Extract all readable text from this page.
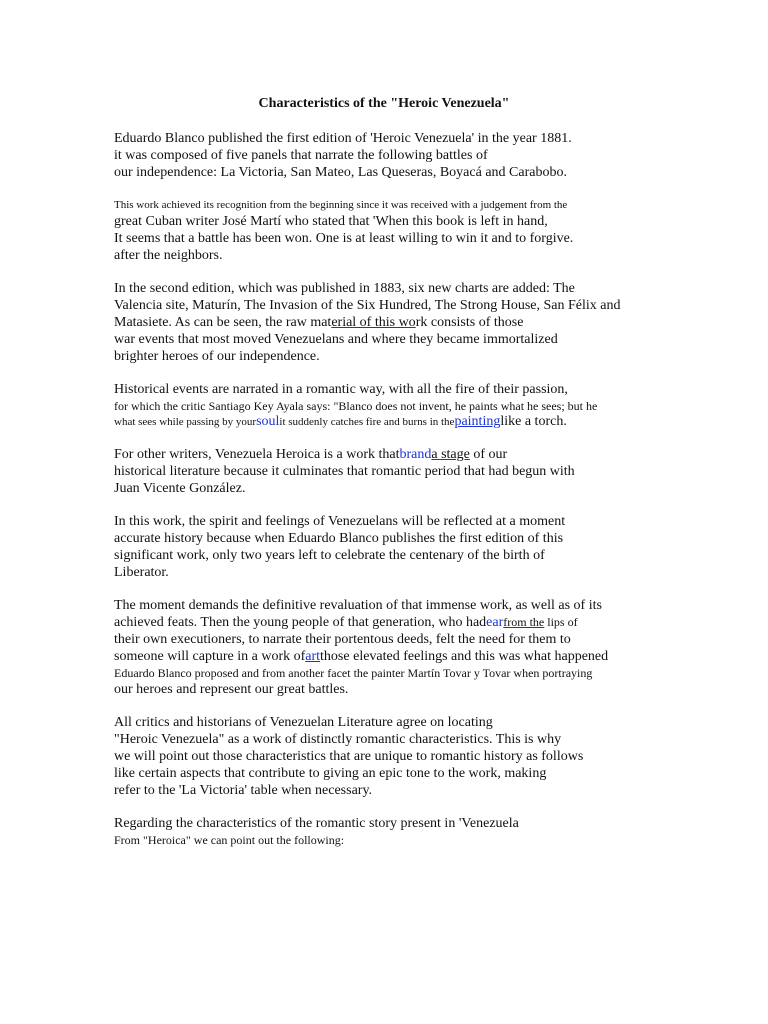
Characteristics of the "Heroic Venezuela"
Eduardo Blanco published the first edition of 'Heroic Venezuela' in the year 1881.
it was composed of five panels that narrate the following battles of
our independence: La Victoria, San Mateo, Las Queseras, Boyacá and Carabobo.
This work achieved its recognition from the beginning since it was received with a judgement from the
great Cuban writer José Martí who stated that 'When this book is left in hand,
It seems that a battle has been won. One is at least willing to win it and to forgive.
after the neighbors.
In the second edition, which was published in 1883, six new charts are added: The
Valencia site, Maturín, The Invasion of the Six Hundred, The Strong House, San Félix and
Matasiete. As can be seen, the raw material of this work consists of those
war events that most moved Venezuelans and where they became immortalized
brighter heroes of our independence.
Historical events are narrated in a romantic way, with all the fire of their passion,
for which the critic Santiago Key Ayala says: "Blanco does not invent, he paints what he sees; but he
what sees while passing by yoursoulit suddenly catches fire and burns in thepaintinglike a torch.
For other writers, Venezuela Heroica is a work thatbranda stage of our
historical literature because it culminates that romantic period that had begun with
Juan Vicente González.
In this work, the spirit and feelings of Venezuelans will be reflected at a moment
accurate history because when Eduardo Blanco publishes the first edition of this
significant work, only two years left to celebrate the centenary of the birth of
Liberator.
The moment demands the definitive revaluation of that immense work, as well as of its
achieved feats. Then the young people of that generation, who hadearfrom the lips of
their own executioners, to narrate their portentous deeds, felt the need for them to
someone will capture in a work ofartthose elevated feelings and this was what happened
Eduardo Blanco proposed and from another facet the painter Martín Tovar y Tovar when portraying
our heroes and represent our great battles.
All critics and historians of Venezuelan Literature agree on locating
"Heroic Venezuela" as a work of distinctly romantic characteristics. This is why
we will point out those characteristics that are unique to romantic history as follows
like certain aspects that contribute to giving an epic tone to the work, making
refer to the 'La Victoria' table when necessary.
Regarding the characteristics of the romantic story present in 'Venezuela
From "Heroica" we can point out the following:
